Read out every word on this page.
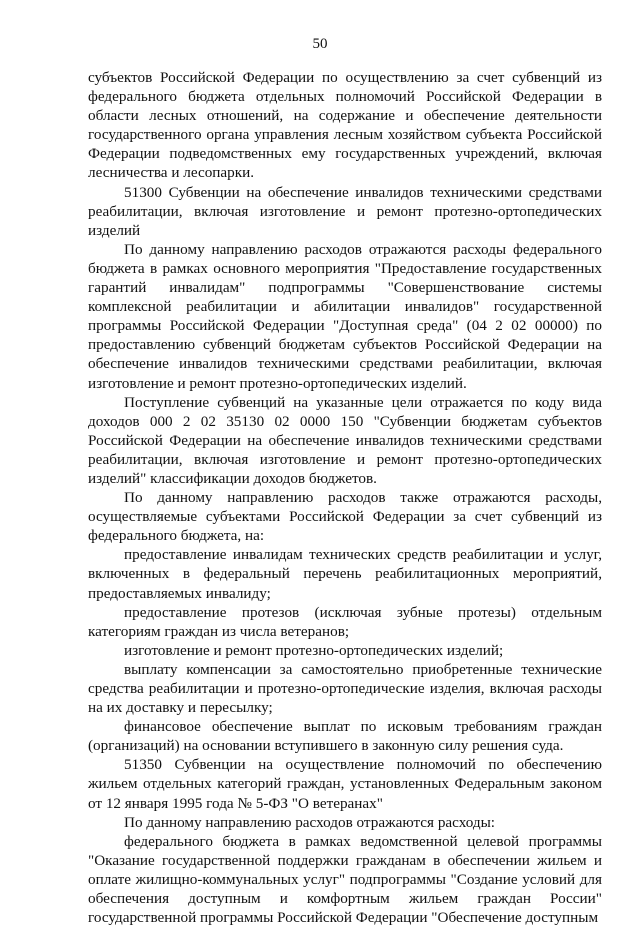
50

субъектов Российской Федерации по осуществлению за счет субвенций из федерального бюджета отдельных полномочий Российской Федерации в области лесных отношений, на содержание и обеспечение деятельности государственного органа управления лесным хозяйством субъекта Российской Федерации подведомственных ему государственных учреждений, включая лесничества и лесопарки.

51300 Субвенции на обеспечение инвалидов техническими средствами реабилитации, включая изготовление и ремонт протезно-ортопедических изделий

По данному направлению расходов отражаются расходы федерального бюджета в рамках основного мероприятия "Предоставление государственных гарантий инвалидам" подпрограммы "Совершенствование системы комплексной реабилитации и абилитации инвалидов" государственной программы Российской Федерации "Доступная среда" (04 2 02 00000) по предоставлению субвенций бюджетам субъектов Российской Федерации на обеспечение инвалидов техническими средствами реабилитации, включая изготовление и ремонт протезно-ортопедических изделий.

Поступление субвенций на указанные цели отражается по коду вида доходов 000 2 02 35130 02 0000 150 "Субвенции бюджетам субъектов Российской Федерации на обеспечение инвалидов техническими средствами реабилитации, включая изготовление и ремонт протезно-ортопедических изделий" классификации доходов бюджетов.

По данному направлению расходов также отражаются расходы, осуществляемые субъектами Российской Федерации за счет субвенций из федерального бюджета, на:

предоставление инвалидам технических средств реабилитации и услуг, включенных в федеральный перечень реабилитационных мероприятий, предоставляемых инвалиду;

предоставление протезов (исключая зубные протезы) отдельным категориям граждан из числа ветеранов;

изготовление и ремонт протезно-ортопедических изделий;

выплату компенсации за самостоятельно приобретенные технические средства реабилитации и протезно-ортопедические изделия, включая расходы на их доставку и пересылку;

финансовое обеспечение выплат по исковым требованиям граждан (организаций) на основании вступившего в законную силу решения суда.

51350 Субвенции на осуществление полномочий по обеспечению жильем отдельных категорий граждан, установленных Федеральным законом от 12 января 1995 года № 5-ФЗ "О ветеранах"

По данному направлению расходов отражаются расходы:

федерального бюджета в рамках ведомственной целевой программы "Оказание государственной поддержки гражданам в обеспечении жильем и оплате жилищно-коммунальных услуг" подпрограммы "Создание условий для обеспечения доступным и комфортным жильем граждан России" государственной программы Российской Федерации "Обеспечение доступным
